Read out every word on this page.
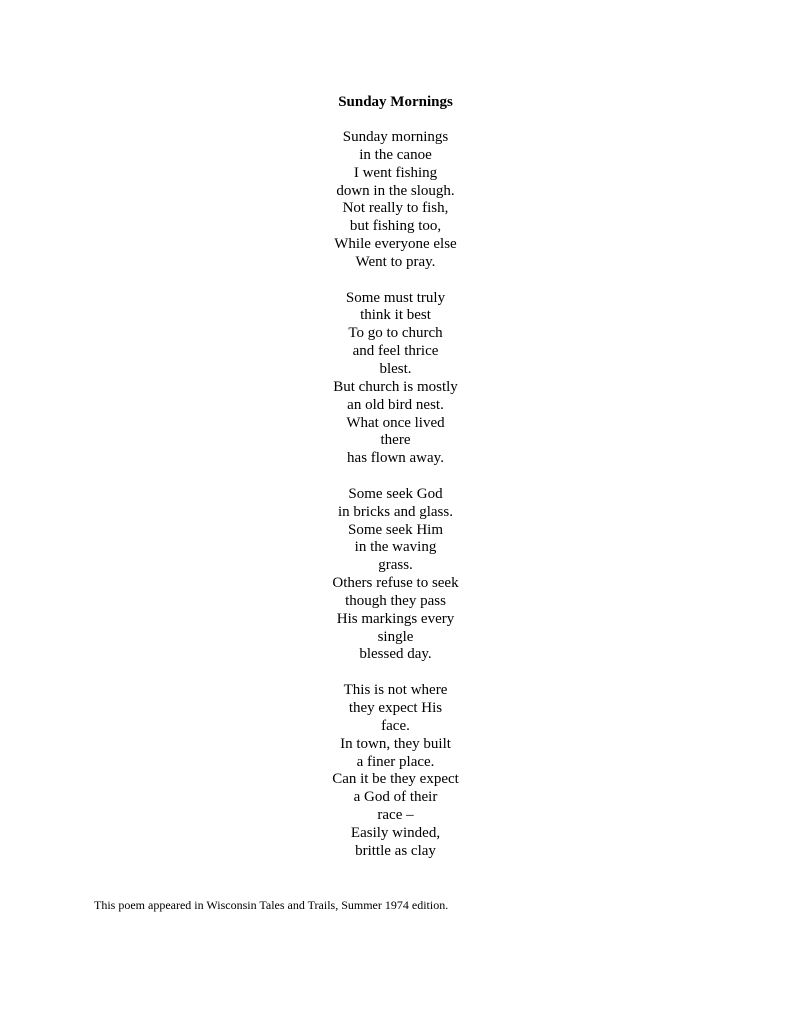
Sunday Mornings
Sunday mornings
in the canoe
I went fishing
down in the slough.
Not really to fish,
but fishing too,
While everyone else
Went to pray.
Some must truly
think it best
To go to church
and feel thrice
blest.
But church is mostly
an old bird nest.
What once lived
there
has flown away.
Some seek God
in bricks and glass.
Some seek Him
in the waving
grass.
Others refuse to seek
though they pass
His markings every
single
blessed day.
This is not where
they expect His
face.
In town, they built
a finer place.
Can it be they expect
a God of their
race –
Easily winded,
brittle as clay
This poem appeared in Wisconsin Tales and Trails, Summer 1974 edition.
